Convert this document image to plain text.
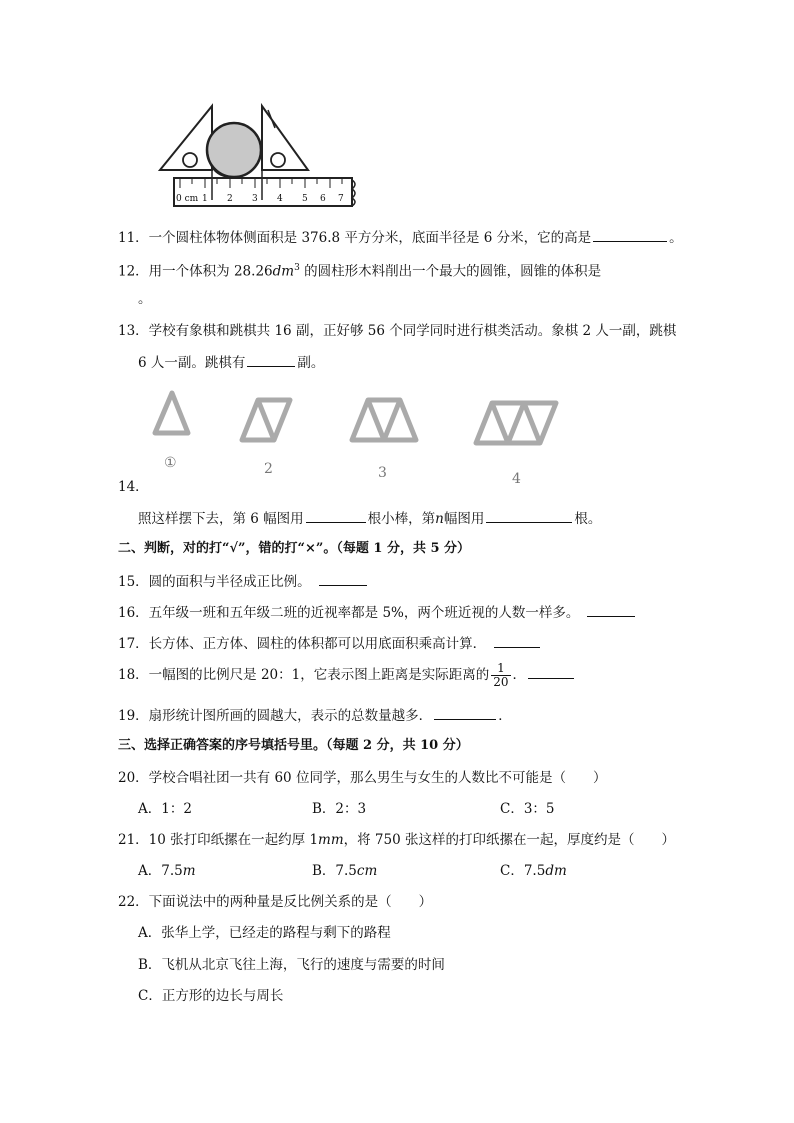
0 cm 1 2 3 4 5 6 7
11．一个圆柱体物体侧面积是 376.8 平方分米，底面半径是 6 分米，它的高是	。
12．用一个体积为 $28.26dm^3$ 的圆柱形木料削出一个最大的圆锥，圆锥的体积是
。
13．学校有象棋和跳棋共 16 副，正好够 56 个同学同时进行棋类活动。象棋 2 人一副，跳棋
6 人一副。跳棋有	副。
①	2	3	4
14．
照这样摆下去，第 6 幅图用	根小棒，第n幅图用	根。
二、判断，对的打“√”，错的打“×”。（每题 1 分，共 5 分）
15．圆的面积与半径成正比例。
16．五年级一班和五年级二班的近视率都是 5%，两个班近视的人数一样多。
17．长方体、正方体、圆柱的体积都可以用底面积乘高计算．
18．一幅图的比例尺是 20：1，它表示图上距离是实际距离的 $\frac{1}{20}$ ．
19．扇形统计图所画的圆越大，表示的总数量越多．	．
三、选择正确答案的序号填括号里。（每题 2 分，共 10 分）
20．学校合唱社团一共有 60 位同学，那么男生与女生的人数比不可能是（　　）
A．1：2	B．2：3	C．3：5
21．10 张打印纸摞在一起约厚 1mm，将 750 张这样的打印纸摞在一起，厚度约是（　　）
A．7.5m	B．7.5cm	C．7.5dm
22．下面说法中的两种量是反比例关系的是（　　）
A．张华上学，已经走的路程与剩下的路程
B．飞机从北京飞往上海，飞行的速度与需要的时间
C．正方形的边长与周长
